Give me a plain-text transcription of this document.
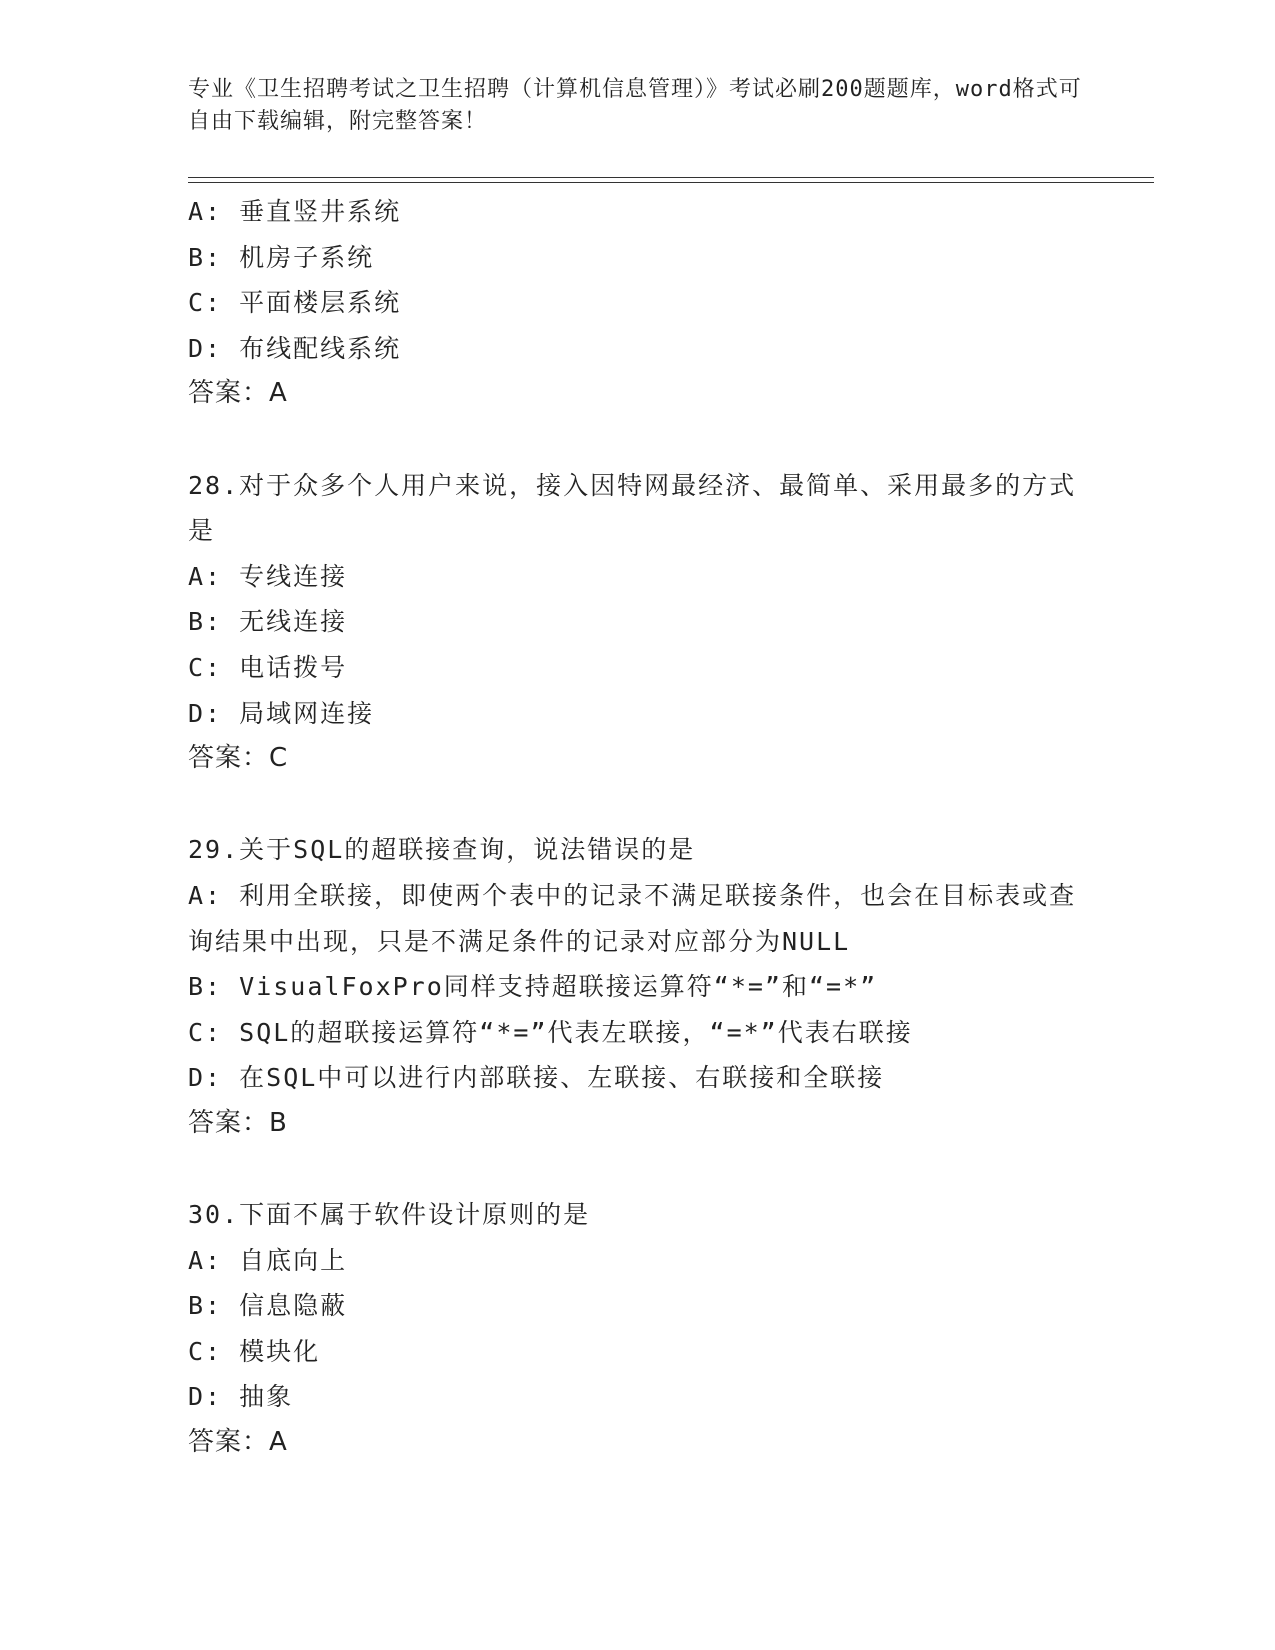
专业《卫生招聘考试之卫生招聘（计算机信息管理）》考试必刷200题题库，word格式可自由下载编辑，附完整答案！
A: 垂直竖井系统
B: 机房子系统
C: 平面楼层系统
D: 布线配线系统
答案：A
28.对于众多个人用户来说，接入因特网最经济、最简单、采用最多的方式是
A: 专线连接
B: 无线连接
C: 电话拨号
D: 局域网连接
答案：C
29.关于SQL的超联接查询，说法错误的是
A: 利用全联接，即使两个表中的记录不满足联接条件，也会在目标表或查询结果中出现，只是不满足条件的记录对应部分为NULL
B: VisualFoxPro同样支持超联接运算符“*=”和“=*”
C: SQL的超联接运算符“*=”代表左联接，“=*”代表右联接
D: 在SQL中可以进行内部联接、左联接、右联接和全联接
答案：B
30.下面不属于软件设计原则的是
A: 自底向上
B: 信息隐蔽
C: 模块化
D: 抽象
答案：A
